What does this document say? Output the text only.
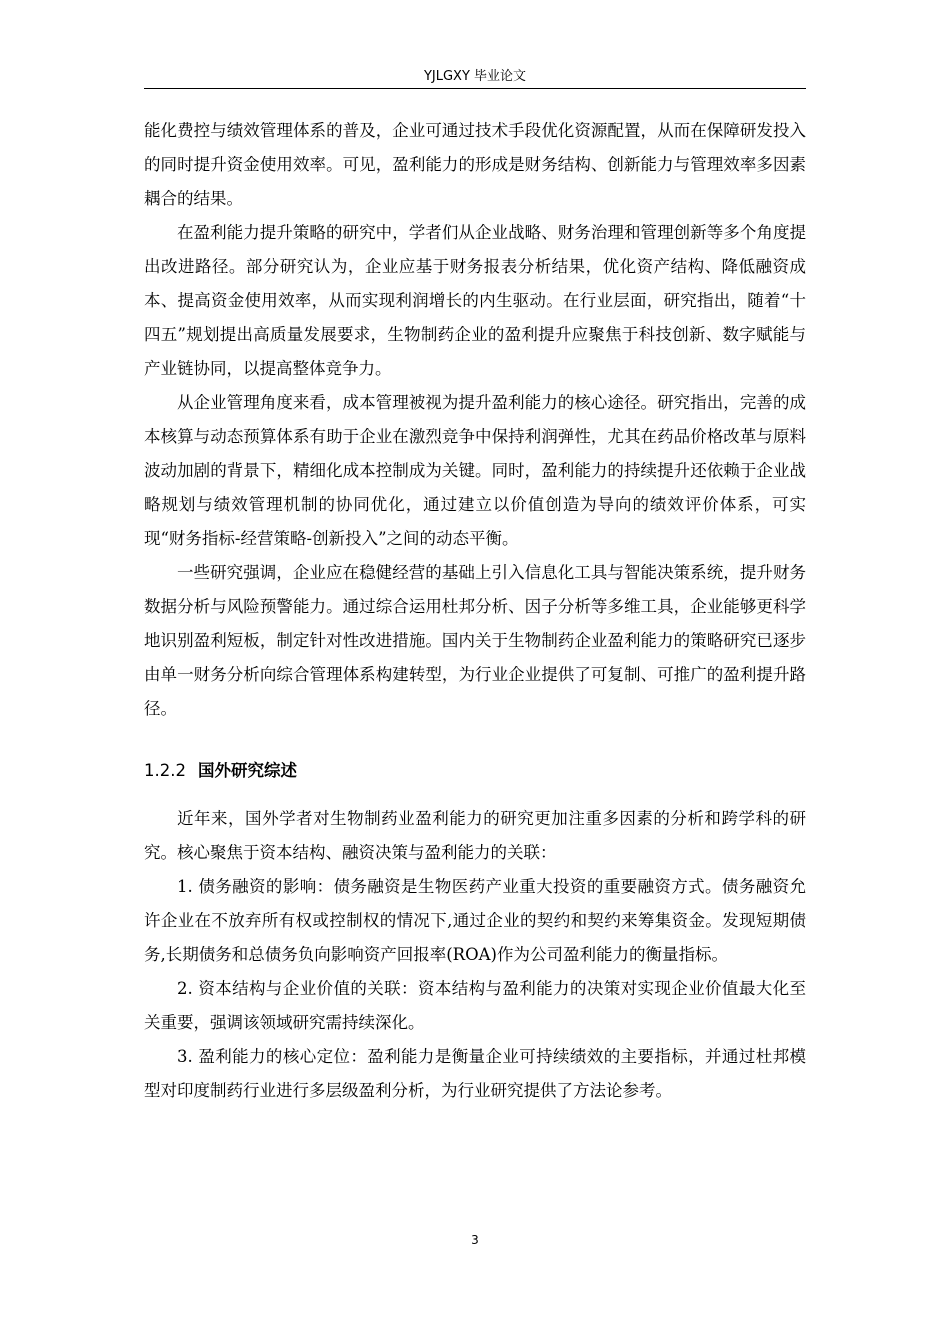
YJLGXY 毕业论文

能化费控与绩效管理体系的普及，企业可通过技术手段优化资源配置，从而在保障研发投入的同时提升资金使用效率。可见，盈利能力的形成是财务结构、创新能力与管理效率多因素耦合的结果。

在盈利能力提升策略的研究中，学者们从企业战略、财务治理和管理创新等多个角度提出改进路径。部分研究认为，企业应基于财务报表分析结果，优化资产结构、降低融资成本、提高资金使用效率，从而实现利润增长的内生驱动。在行业层面，研究指出，随着“十四五”规划提出高质量发展要求，生物制药企业的盈利提升应聚焦于科技创新、数字赋能与产业链协同，以提高整体竞争力。

从企业管理角度来看，成本管理被视为提升盈利能力的核心途径。研究指出，完善的成本核算与动态预算体系有助于企业在激烈竞争中保持利润弹性，尤其在药品价格改革与原料波动加剧的背景下，精细化成本控制成为关键。同时，盈利能力的持续提升还依赖于企业战略规划与绩效管理机制的协同优化，通过建立以价值创造为导向的绩效评价体系，可实现“财务指标-经营策略-创新投入”之间的动态平衡。

一些研究强调，企业应在稳健经营的基础上引入信息化工具与智能决策系统，提升财务数据分析与风险预警能力。通过综合运用杜邦分析、因子分析等多维工具，企业能够更科学地识别盈利短板，制定针对性改进措施。国内关于生物制药企业盈利能力的策略研究已逐步由单一财务分析向综合管理体系构建转型，为行业企业提供了可复制、可推广的盈利提升路径。

1.2.2 国外研究综述

近年来，国外学者对生物制药业盈利能力的研究更加注重多因素的分析和跨学科的研究。核心聚焦于资本结构、融资决策与盈利能力的关联：

1. 债务融资的影响：债务融资是生物医药产业重大投资的重要融资方式。债务融资允许企业在不放弃所有权或控制权的情况下,通过企业的契约和契约来筹集资金。发现短期债务,长期债务和总债务负向影响资产回报率(ROA)作为公司盈利能力的衡量指标。

2. 资本结构与企业价值的关联：资本结构与盈利能力的决策对实现企业价值最大化至关重要，强调该领域研究需持续深化。

3. 盈利能力的核心定位：盈利能力是衡量企业可持续绩效的主要指标，并通过杜邦模型对印度制药行业进行多层级盈利分析，为行业研究提供了方法论参考。

3
